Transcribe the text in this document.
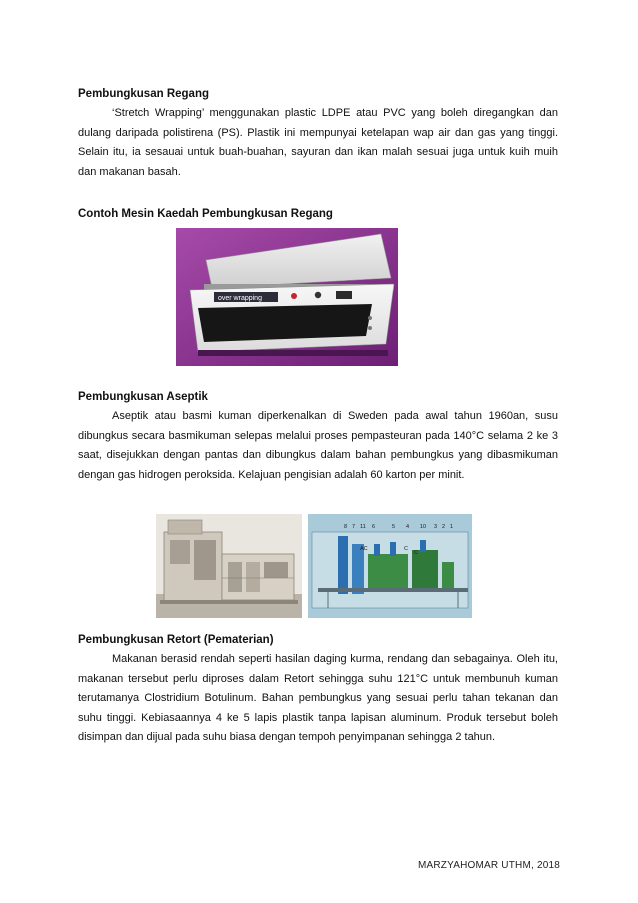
Pembungkusan Regang

‘Stretch Wrapping’ menggunakan plastic LDPE atau PVC yang boleh diregangkan dan dulang daripada polistirena (PS). Plastik ini mempunyai ketelapan wap air dan gas yang tinggi. Selain itu, ia sesauai untuk buah-buahan, sayuran dan ikan malah sesuai juga untuk kuih muih dan makanan basah.

Contoh Mesin Kaedah Pembungkusan Regang
over wrapping
Pembungkusan Aseptik

Aseptik atau basmi kuman diperkenalkan di Sweden pada awal tahun 1960an, susu dibungkus secara basmikuman selepas melalui proses pempasteuran pada 140°C selama 2 ke 3 saat, disejukkan dengan pantas dan dibungkus dalam bahan pembungkus yang dibasmikuman dengan gas hidrogen peroksida. Kelajuan pengisian adalah 60 karton per minit.

8 7 11 6	5 4 10 3 2 1
AC	C
C
Pembungkusan Retort (Pematerian)

Makanan berasid rendah seperti hasilan daging kurma, rendang dan sebagainya. Oleh itu, makanan tersebut perlu diproses dalam Retort sehingga suhu 121°C untuk membunuh kuman terutamanya Clostridium Botulinum. Bahan pembungkus yang sesuai perlu tahan tekanan dan suhu tinggi. Kebiasaannya 4 ke 5 lapis plastik tanpa lapisan aluminum. Produk tersebut boleh disimpan dan dijual pada suhu biasa dengan tempoh penyimpanan sehingga 2 tahun.

MARZYAHOMAR UTHM, 2018
